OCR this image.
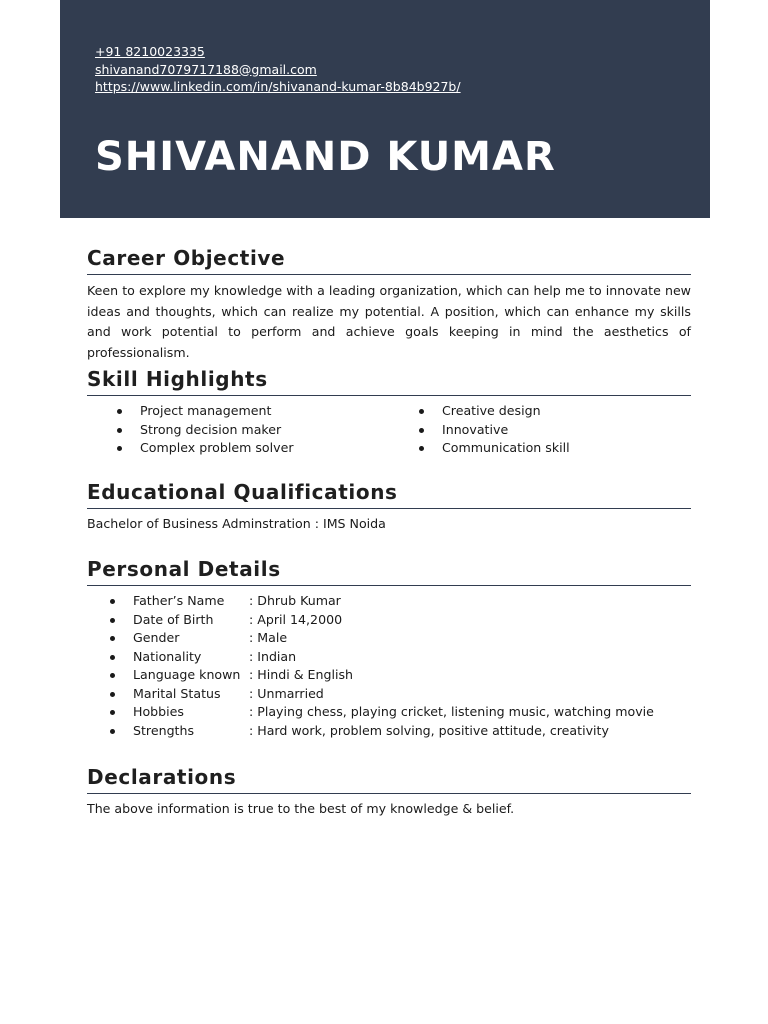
+91 8210023335
shivanand7079717188@gmail.com
https://www.linkedin.com/in/shivanand-kumar-8b84b927b/
SHIVANAND KUMAR
Career Objective

Keen to explore my knowledge with a leading organization, which can help me to innovate new ideas and thoughts, which can realize my potential. A position, which can enhance my skills and work potential to perform and achieve goals keeping in mind the aesthetics of professionalism.

Skill Highlights
Project management
Strong decision maker
Complex problem solver
Creative design
Innovative
Communication skill
Educational Qualifications

Bachelor of Business Adminstration : IMS Noida

Personal Details
Father’s Name : Dhrub Kumar
Date of Birth	: April 14,2000
Gender	: Male
Nationality	: Indian
Language known : Hindi & English
Marital Status : Unmarried
Hobbies	: Playing chess, playing cricket, listening music, watching movie
Strengths	: Hard work, problem solving, positive attitude, creativity
Declarations

The above information is true to the best of my knowledge & belief.
